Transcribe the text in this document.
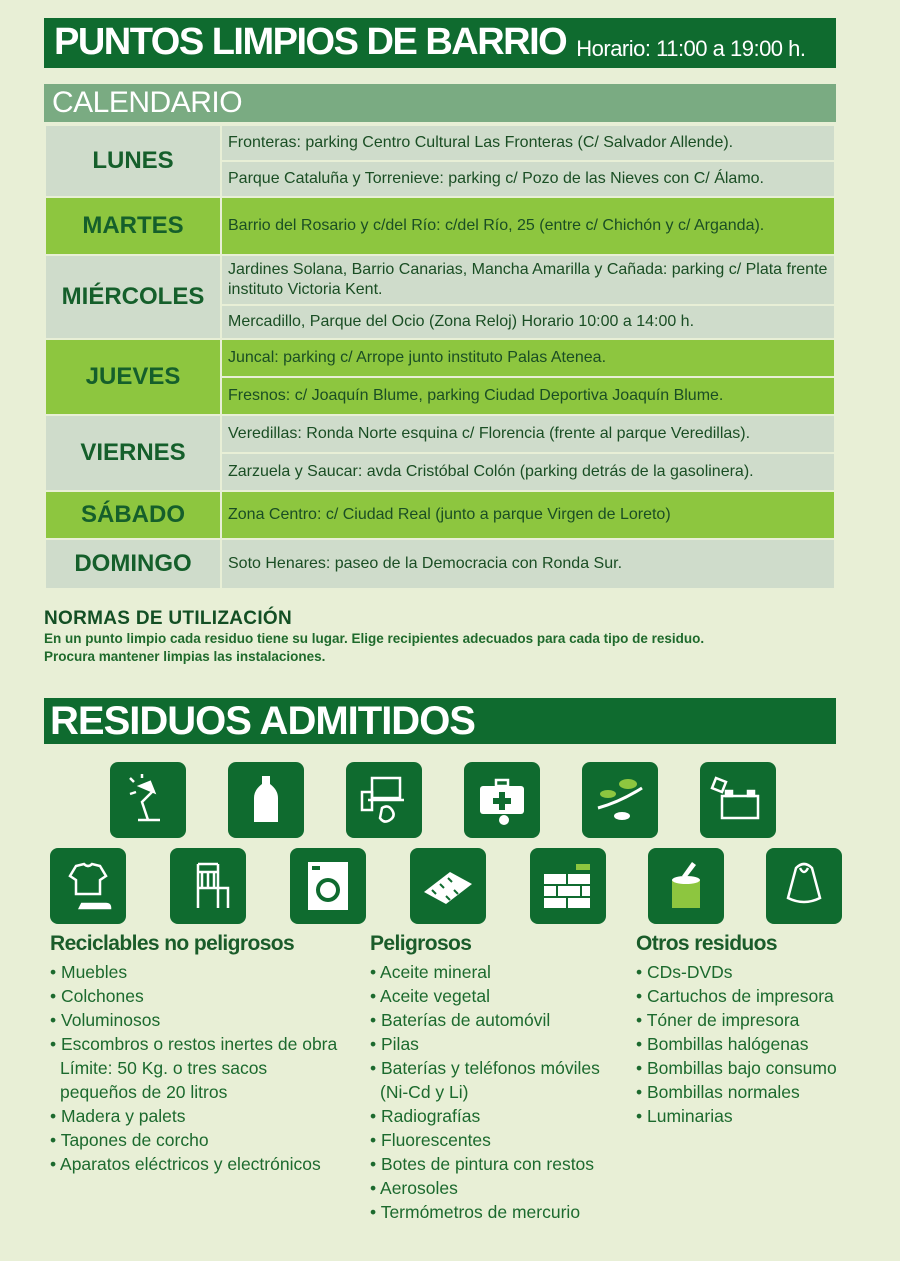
PUNTOS LIMPIOS DE BARRIO Horario: 11:00 a 19:00 h.
CALENDARIO
LUNES	Fronteras: parking Centro Cultural Las Fronteras (C/ Salvador Allende).
	Parque Cataluña y Torrenieve: parking c/ Pozo de las Nieves con C/ Álamo.
MARTES	Barrio del Rosario y c/del Río: c/del Río, 25 (entre c/ Chichón y c/ Arganda).
MIÉRCOLES	Jardines Solana, Barrio Canarias, Mancha Amarilla y Cañada: parking c/ Plata frente instituto Victoria Kent.
	Mercadillo, Parque del Ocio (Zona Reloj) Horario 10:00 a 14:00 h.
JUEVES	Juncal: parking c/ Arrope junto instituto Palas Atenea.
	Fresnos: c/ Joaquín Blume, parking Ciudad Deportiva Joaquín Blume.
VIERNES	Veredillas: Ronda Norte esquina c/ Florencia (frente al parque Veredillas).
	Zarzuela y Saucar: avda Cristóbal Colón (parking detrás de la gasolinera).
SÁBADO	Zona Centro: c/ Ciudad Real (junto a parque Virgen de Loreto)
DOMINGO	Soto Henares: paseo de la Democracia con Ronda Sur.
NORMAS DE UTILIZACIÓN

En un punto limpio cada residuo tiene su lugar. Elige recipientes adecuados para cada tipo de residuo.

Procura mantener limpias las instalaciones.

RESIDUOS ADMITIDOS
Reciclables no peligrosos
• Muebles
• Colchones
• Voluminosos
• Escombros o restos inertes de obra
Límite: 50 Kg. o tres sacos
pequeños de 20 litros
• Madera y palets
• Tapones de corcho
• Aparatos eléctricos y electrónicos
Peligrosos
• Aceite mineral
• Aceite vegetal
• Baterías de automóvil
• Pilas
• Baterías y teléfonos móviles
(Ni-Cd y Li)
• Radiografías
• Fluorescentes
• Botes de pintura con restos
• Aerosoles
• Termómetros de mercurio
Otros residuos
• CDs-DVDs
• Cartuchos de impresora
• Tóner de impresora
• Bombillas halógenas
• Bombillas bajo consumo
• Bombillas normales
• Luminarias
